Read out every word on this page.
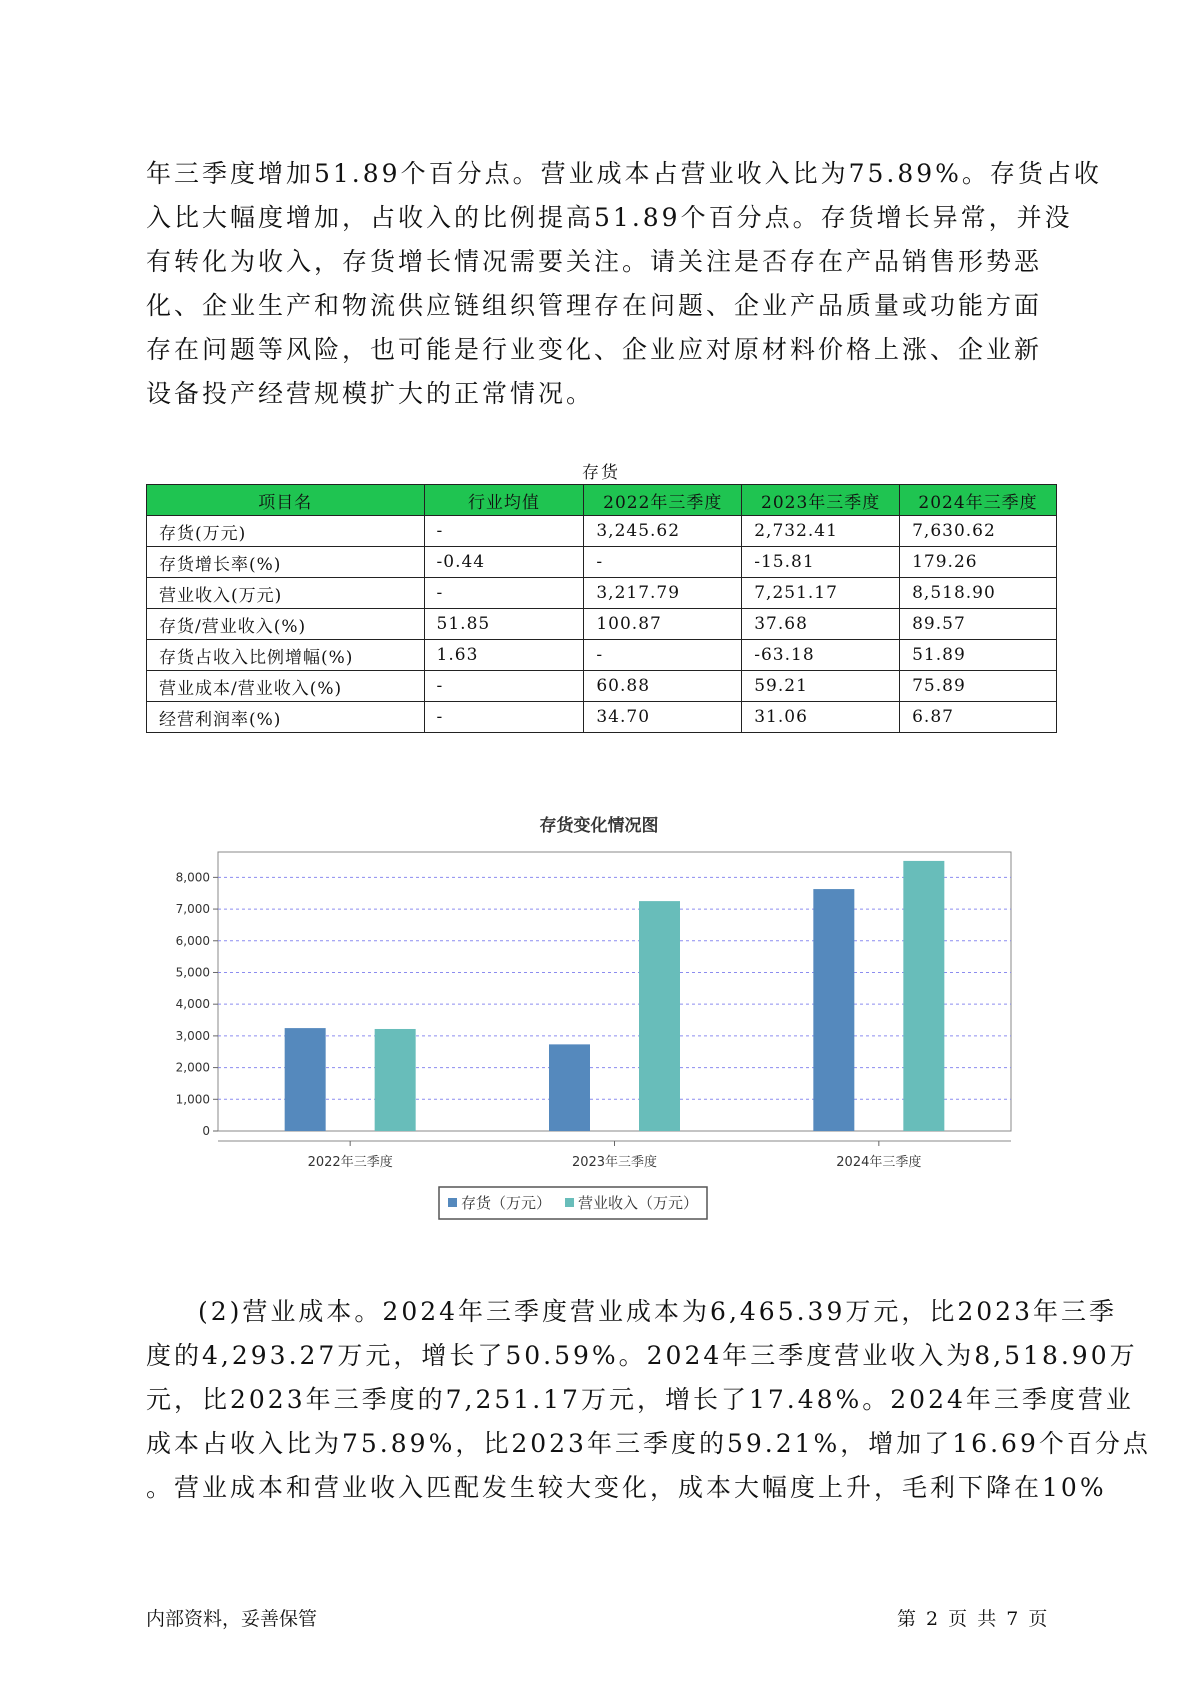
年三季度增加51.89个百分点。营业成本占营业收入比为75.89%。存货占收
入比大幅度增加，占收入的比例提高51.89个百分点。存货增长异常，并没
有转化为收入，存货增长情况需要关注。请关注是否存在产品销售形势恶
化、企业生产和物流供应链组织管理存在问题、企业产品质量或功能方面
存在问题等风险，也可能是行业变化、企业应对原材料价格上涨、企业新
设备投产经营规模扩大的正常情况。
存货
项目名	行业均值	2022年三季度	2023年三季度	2024年三季度
存货(万元)	-	3,245.62	2,732.41	7,630.62
存货增长率(%)	-0.44	-	-15.81	179.26
营业收入(万元)	-	3,217.79	7,251.17	8,518.90
存货/营业收入(%)	51.85	100.87	37.68	89.57
存货占收入比例增幅(%)	1.63	-	-63.18	51.89
营业成本/营业收入(%)	-	60.88	59.21	75.89
经营利润率(%)	-	34.70	31.06	6.87
存货变化情况图
0
1,000
2,000
3,000
4,000
5,000
6,000
7,000
8,000
2022年三季度	2023年三季度	2024年三季度
存货（万元） 营业收入（万元）
(2)营业成本。2024年三季度营业成本为6,465.39万元，比2023年三季
度的4,293.27万元，增长了50.59%。2024年三季度营业收入为8,518.90万
元，比2023年三季度的7,251.17万元，增长了17.48%。2024年三季度营业
成本占收入比为75.89%，比2023年三季度的59.21%，增加了16.69个百分点
。营业成本和营业收入匹配发生较大变化，成本大幅度上升，毛利下降在10%
内部资料，妥善保管	第 2 页 共 7 页
